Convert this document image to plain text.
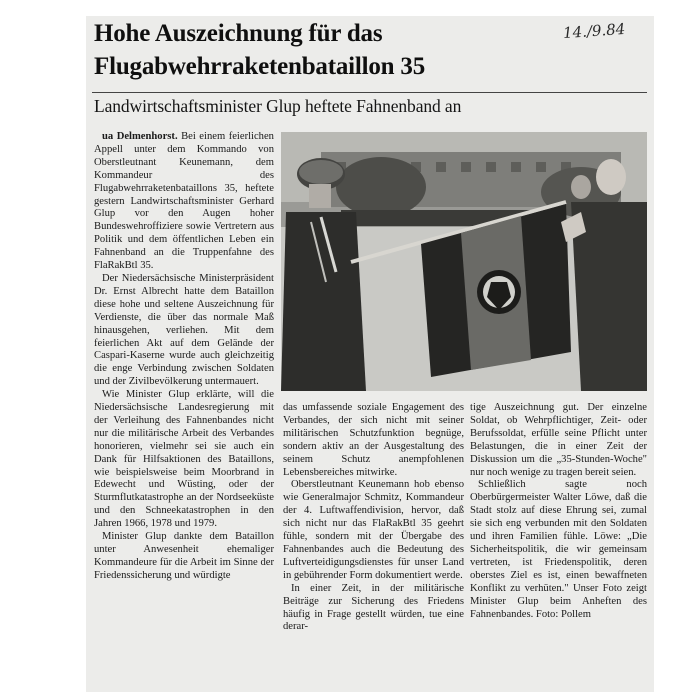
Hohe Auszeichnung für das
Flugabwehrraketenbataillon 35
14./9.84
Landwirtschaftsminister Glup heftete Fahnenband an

ua Delmenhorst. Bei einem feierlichen Appell unter dem Kommando von Oberstleutnant Keunemann, dem Kommandeur des Flugabwehrraketenbataillons 35, heftete gestern Landwirtschaftsminister Gerhard Glup vor den Augen hoher Bundeswehroffiziere sowie Vertretern aus Politik und dem öffentlichen Leben ein Fahnenband an die Truppenfahne des FlaRakBtl 35.

Der Niedersächsische Ministerpräsident Dr. Ernst Albrecht hatte dem Bataillon diese hohe und seltene Auszeichnung für Verdienste, die über das normale Maß hinausgehen, verliehen. Mit dem feierlichen Akt auf dem Gelände der Caspari-Kaserne wurde auch gleichzeitig die enge Verbindung zwischen Soldaten und der Zivilbevölkerung untermauert.

Wie Minister Glup erklärte, will die Niedersächsische Landesregierung mit der Verleihung des Fahnenbandes nicht nur die militärische Arbeit des Verbandes honorieren, vielmehr sei sie auch ein Dank für Hilfsaktionen des Bataillons, wie beispielsweise beim Moorbrand in Edewecht und Wüsting, oder der Sturmflutkatastrophe an der Nordseeküste und den Schneekatastrophen in den Jahren 1966, 1978 und 1979.

Minister Glup dankte dem Bataillon unter Anwesenheit ehemaliger Kommandeure für die Arbeit im Sinne der Friedenssicherung und würdigte

das umfassende soziale Engagement des Verbandes, der sich nicht mit seiner militärischen Schutzfunktion begnüge, sondern aktiv an der Ausgestaltung des seinem Schutz anempfohlenen Lebensbereiches mitwirke.

Oberstleutnant Keunemann hob ebenso wie Generalmajor Schmitz, Kommandeur der 4. Luftwaffendivision, hervor, daß sich nicht nur das FlaRakBtl 35 geehrt fühle, sondern mit der Übergabe des Fahnenbandes auch die Bedeutung des Luftverteidigungsdienstes für unser Land in gebührender Form dokumentiert werde.

In einer Zeit, in der militärische Beiträge zur Sicherung des Friedens häufig in Frage gestellt würden, tue eine derar-

tige Auszeichnung gut. Der einzelne Soldat, ob Wehrpflichtiger, Zeit- oder Berufssoldat, erfülle seine Pflicht unter Belastungen, die in einer Zeit der Diskussion um die „35-Stunden-Woche" nur noch wenige zu tragen bereit seien.

Schließlich sagte noch Oberbürgermeister Walter Löwe, daß die Stadt stolz auf diese Ehrung sei, zumal sie sich eng verbunden mit den Soldaten und ihren Familien fühle. Löwe: „Die Sicherheitspolitik, die wir gemeinsam vertreten, ist Friedenspolitik, deren oberstes Ziel es ist, einen bewaffneten Konflikt zu verhüten." Unser Foto zeigt Minister Glup beim Anheften des Fahnenbandes. Foto: Pollem
